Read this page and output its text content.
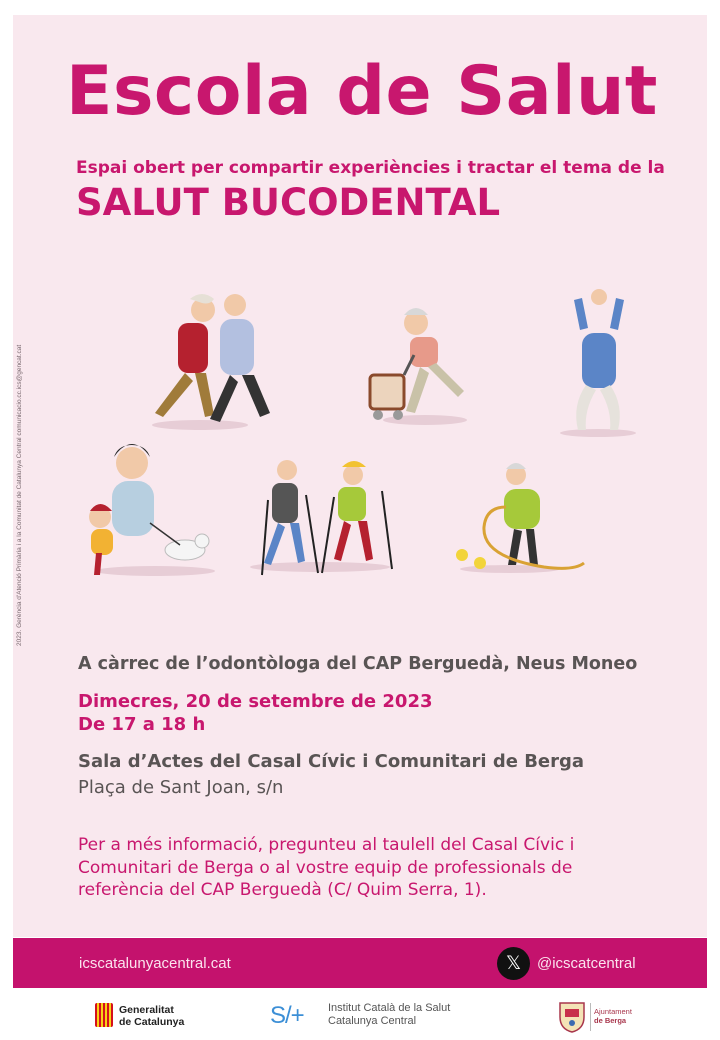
2023. Gerència d'Atenció Primària i a la Comunitat de Catalunya Central comunicacio.cc.ics@gencat.cat
Escola de Salut
Espai obert per compartir experiències i tractar el tema de la
SALUT BUCODENTAL
A càrrec de l’odontòloga del CAP Berguedà, Neus Moneo
Dimecres, 20 de setembre de 2023
De 17 a 18 h
Sala d’Actes del Casal Cívic i Comunitari de Berga
Plaça de Sant Joan, s/n
Per a més informació, pregunteu al taulell del Casal Cívic i Comunitari de Berga o al vostre equip de professionals de referència del CAP Berguedà (C/ Quim Serra, 1).
icscatalunyacentral.cat	𝕏	@icscatcentral
Generalitat
de Catalunya	S/+ Institut Català de la Salut
Catalunya Central
Ajuntament
de Berga
